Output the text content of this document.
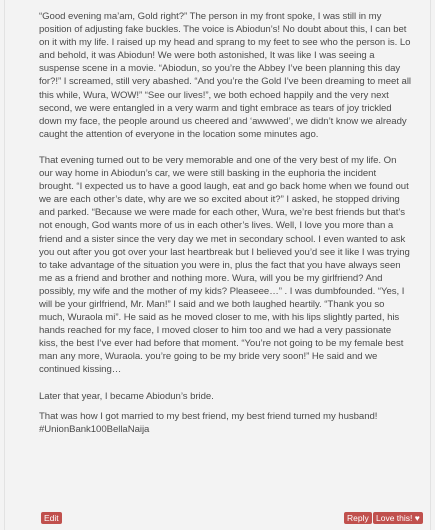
“Good evening ma’am, Gold right?” The person in my front spoke, I was still in my position of adjusting fake buckles. The voice is Abiodun’s! No doubt about this, I can bet on it with my life. I raised up my head and sprang to my feet to see who the person is. Lo and behold, it was Abiodun! We were both astonished, It was like I was seeing a suspense scene in a movie. “Abiodun, so you’re the Abbey I’ve been planning this day for?!” I screamed, still very abashed. “And you’re the Gold I’ve been dreaming to meet all this while, Wura, WOW!” “See our lives!”, we both echoed happily and the very next second, we were entangled in a very warm and tight embrace as tears of joy trickled down my face, the people around us cheered and ‘awwwed’, we didn’t know we already caught the attention of everyone in the location some minutes ago.

That evening turned out to be very memorable and one of the very best of my life. On our way home in Abiodun’s car, we were still basking in the euphoria the incident brought. “I expected us to have a good laugh, eat and go back home when we found out we are each other’s date, why are we so excited about it?” I asked, he stopped driving and parked. “Because we were made for each other, Wura, we’re best friends but that’s not enough, God wants more of us in each other’s lives. Well, I love you more than a friend and a sister since the very day we met in secondary school. I even wanted to ask you out after you got over your last heartbreak but I believed you’d see it like I was trying to take advantage of the situation you were in, plus the fact that you have always seen me as a friend and brother and nothing more. Wura, will you be my girlfriend? And possibly, my wife and the mother of my kids? Pleaseee…” . I was dumbfounded. “Yes, I will be your girlfriend, Mr. Man!” I said and we both laughed heartily. “Thank you so much, Wuraola mi”. He said as he moved closer to me, with his lips slightly parted, his hands reached for my face, I moved closer to him too and we had a very passionate kiss, the best I’ve ever had before that moment. “You’re not going to be my female best man any more, Wuraola. you’re going to be my bride very soon!” He said and we continued kissing…

Later that year, I became Abiodun’s bride.

That was how I got married to my best friend, my best friend turned my husband! #UnionBank100BellaNaija

Edit	Reply Love this! ♥
